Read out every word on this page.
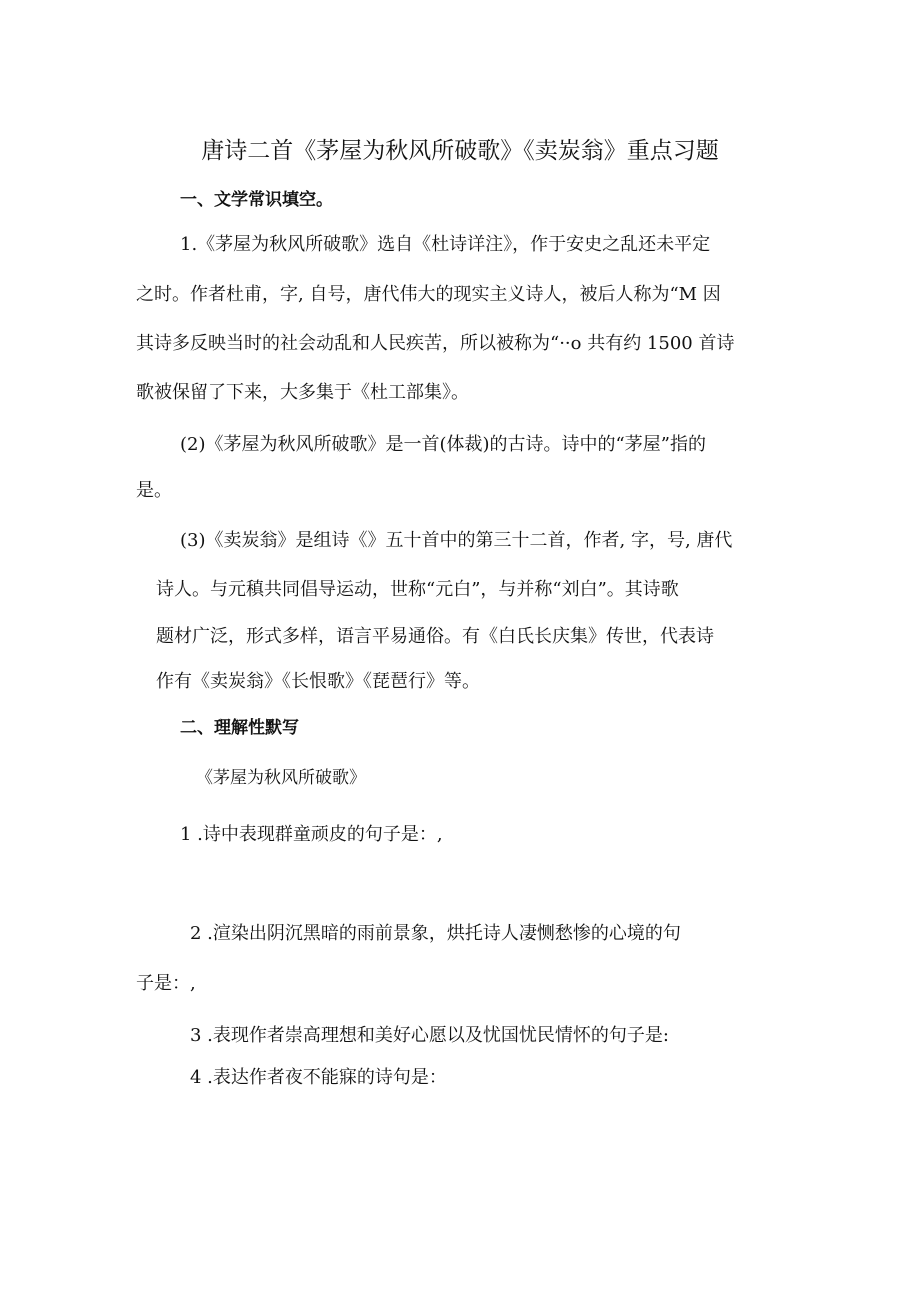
唐诗二首《茅屋为秋风所破歌》《卖炭翁》重点习题
一、文学常识填空。
1.《茅屋为秋风所破歌》选自《杜诗详注》，作于安史之乱还未平定
之时。作者杜甫，字, 自号，唐代伟大的现实主义诗人，被后人称为“M 因
其诗多反映当时的社会动乱和人民疾苦，所以被称为“··o 共有约 1500 首诗
歌被保留了下来，大多集于《杜工部集》。
(2)《茅屋为秋风所破歌》是一首(体裁)的古诗。诗中的“茅屋”指的
是。
(3)《卖炭翁》是组诗《》五十首中的第三十二首，作者, 字，号, 唐代
诗人。与元稹共同倡导运动，世称“元白”，与并称“刘白”。其诗歌
题材广泛，形式多样，语言平易通俗。有《白氏长庆集》传世，代表诗
作有《卖炭翁》《长恨歌》《琵琶行》等。
二、理解性默写
《茅屋为秋风所破歌》
1 .诗中表现群童顽皮的句子是：,
2 .渲染出阴沉黑暗的雨前景象，烘托诗人凄恻愁惨的心境的句
子是：,
3 .表现作者崇高理想和美好心愿以及忧国忧民情怀的句子是:
4 .表达作者夜不能寐的诗句是：
